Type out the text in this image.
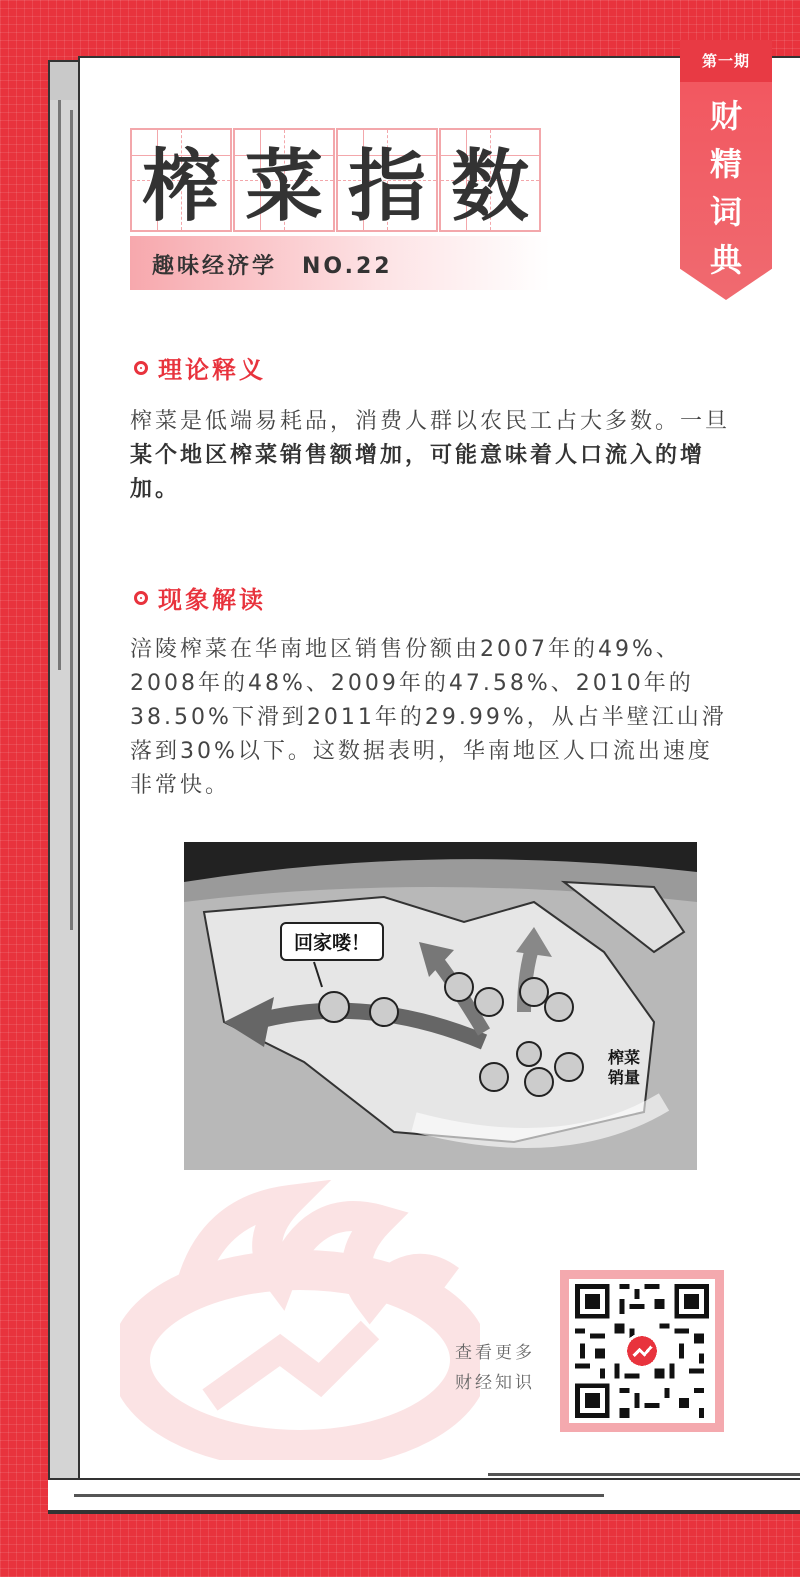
第一期
财
精
词
典
榨 菜 指 数
趣味经济学　NO.22
理论释义
榨菜是低端易耗品，消费人群以农民工占大多数。一旦某个地区榨菜销售额增加，可能意味着人口流入的增加。
现象解读
涪陵榨菜在华南地区销售份额由2007年的49%、2008年的48%、2009年的47.58%、2010年的38.50%下滑到2011年的29.99%，从占半壁江山滑落到30%以下。这数据表明，华南地区人口流出速度非常快。
回家喽！
榨菜销量
查看更多
财经知识
